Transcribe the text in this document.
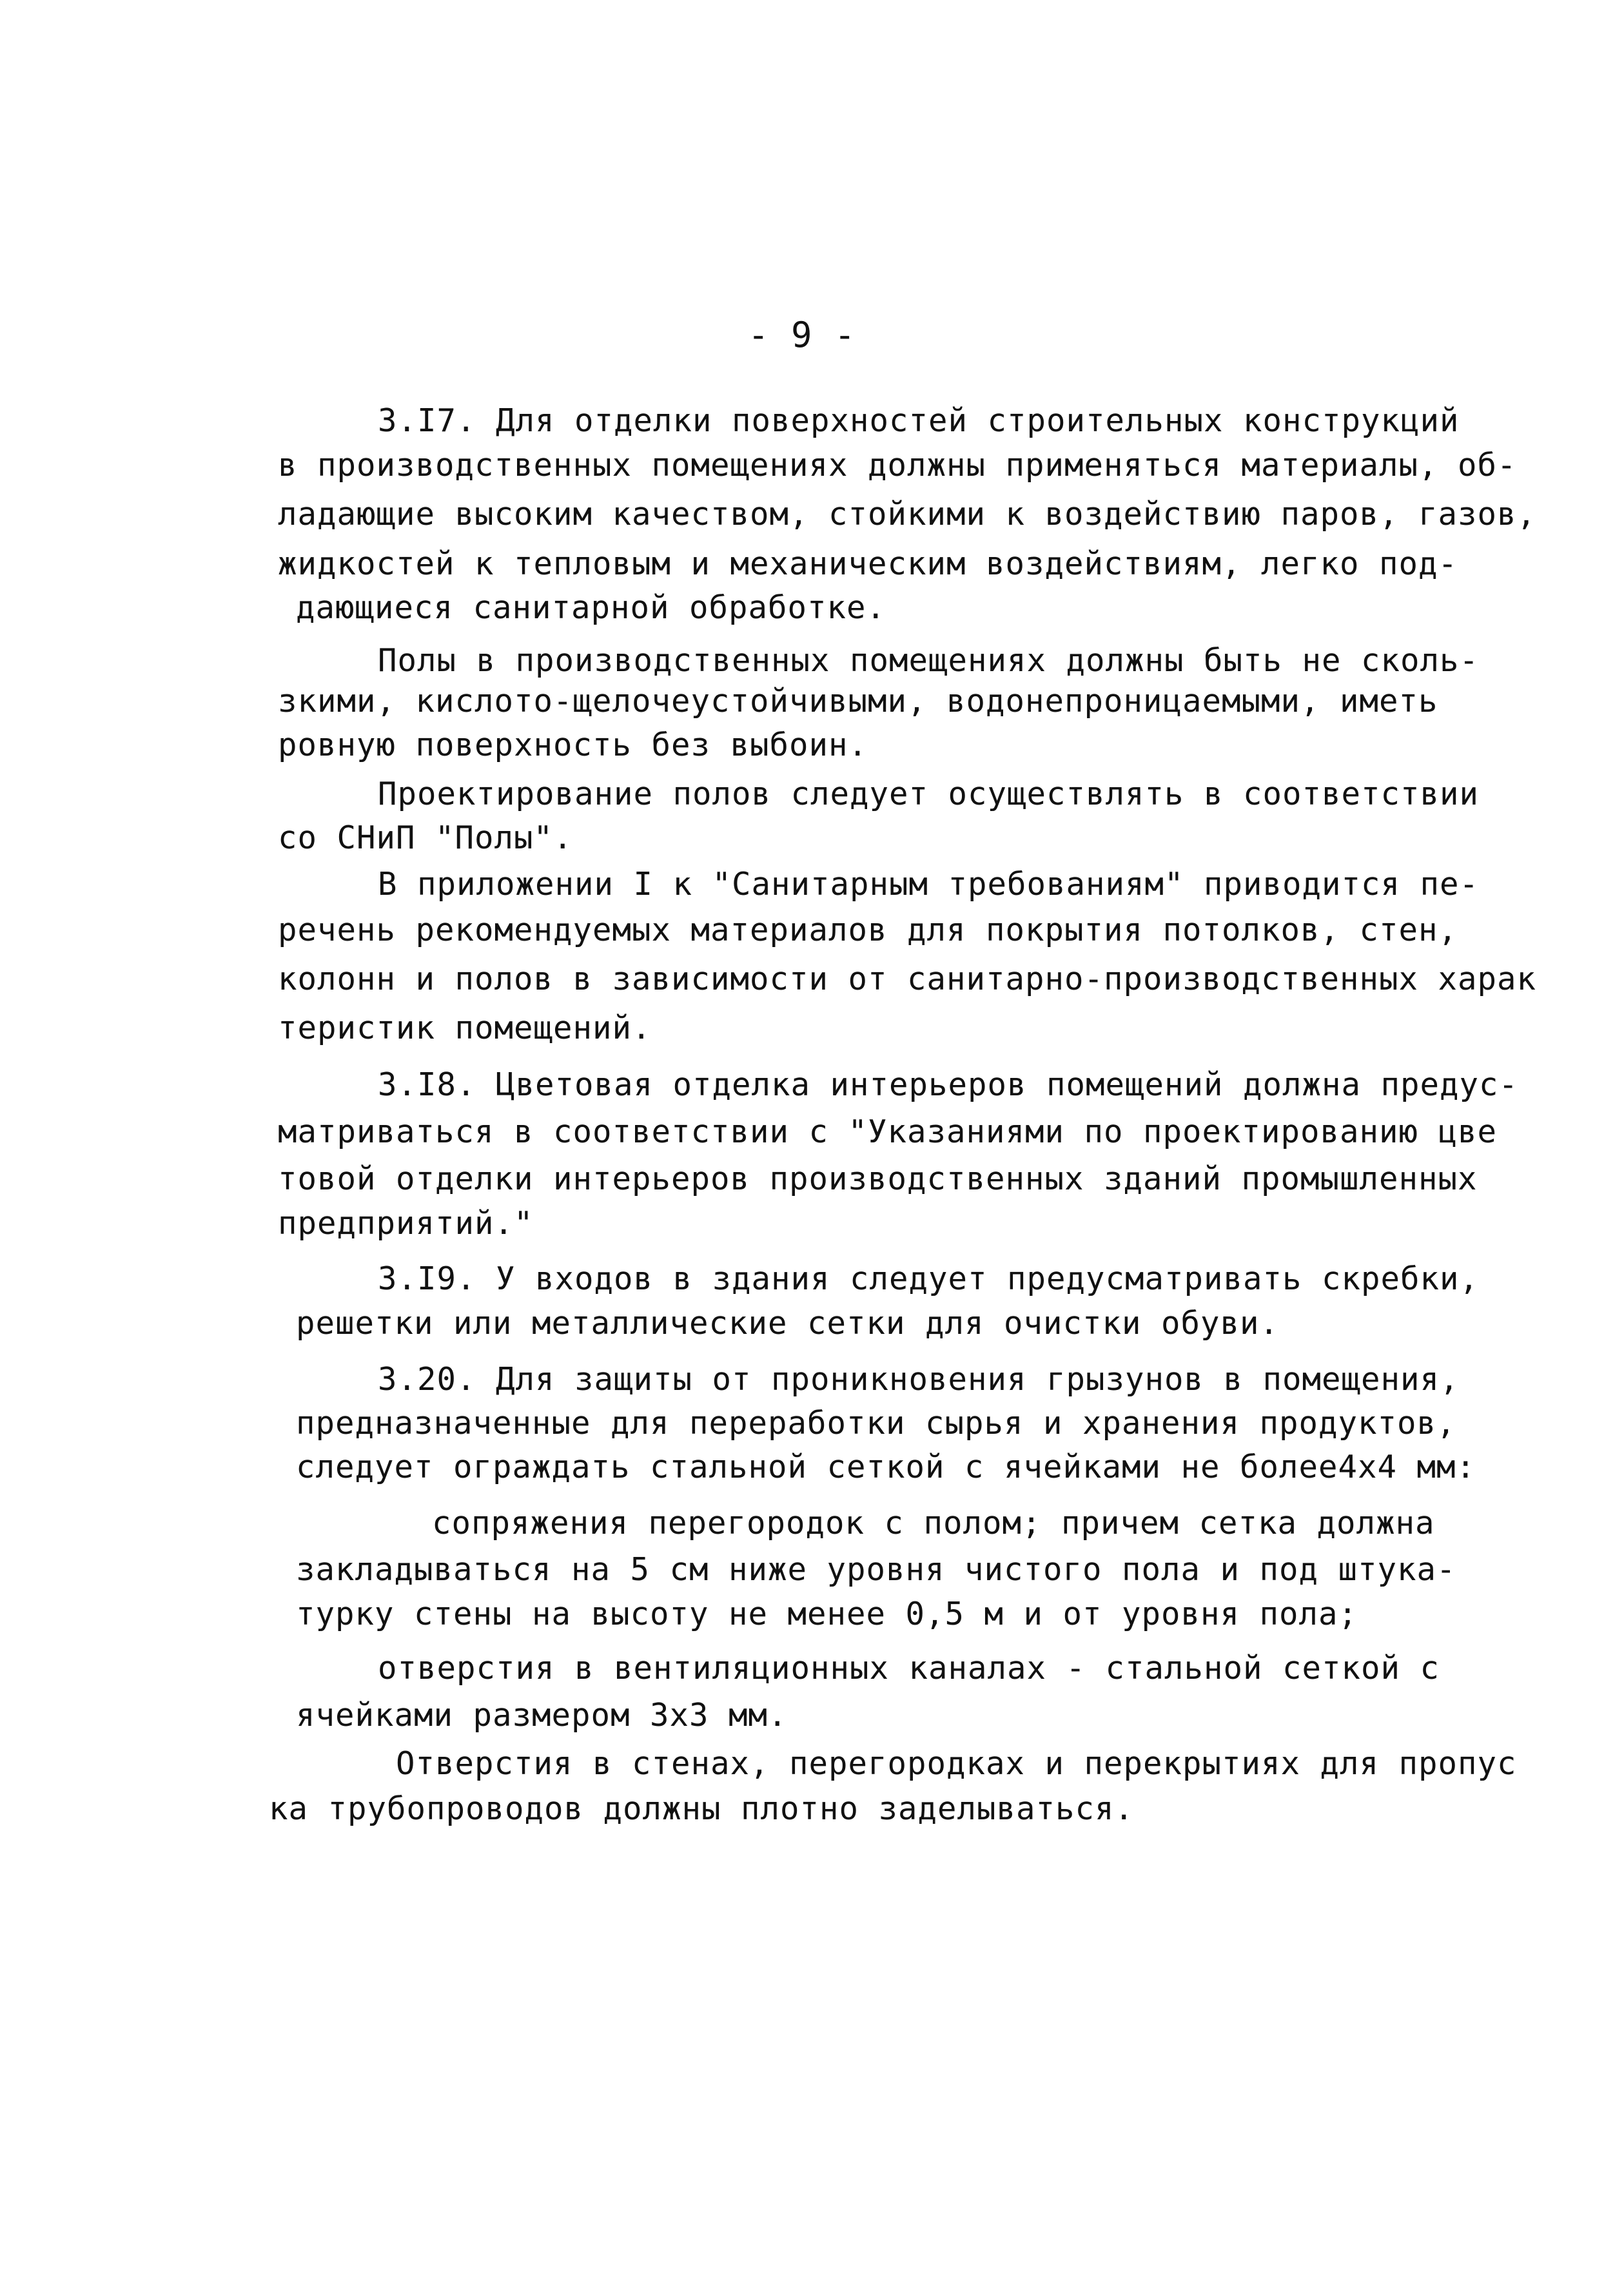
- 9 -
3.I7. Для отделки поверхностей строительных конструкций
в производственных помещениях должны применяться материалы, об-
ладающие высоким качеством, стойкими к воздействию паров, газов,
жидкостей к тепловым и механическим воздействиям, легко под-
дающиеся санитарной обработке.
Полы в производственных помещениях должны быть не сколь-
зкими, кислото-щелочеустойчивыми, водонепроницаемыми, иметь
ровную поверхность без выбоин.
Проектирование полов следует осуществлять в соответствии
со СНиП "Полы".
В приложении I к "Санитарным требованиям" приводится пе-
речень рекомендуемых материалов для покрытия потолков, стен,
колонн и полов в зависимости от санитарно-производственных харак
теристик помещений.
3.I8. Цветовая отделка интерьеров помещений должна предус-
матриваться в соответствии с "Указаниями по проектированию цве
товой отделки интерьеров производственных зданий промышленных
предприятий."
3.I9. У входов в здания следует предусматривать скребки,
решетки или металлические сетки для очистки обуви.
3.20. Для защиты от проникновения грызунов в помещения,
предназначенные для переработки сырья и хранения продуктов,
следует ограждать стальной сеткой с ячейками не более4х4 мм:
сопряжения перегородок с полом; причем сетка должна
закладываться на 5 см ниже уровня чистого пола и под штука-
турку стены на высоту не менее 0,5 м и от уровня пола;
отверстия в вентиляционных каналах - стальной сеткой с
ячейками размером 3х3 мм.
Отверстия в стенах, перегородках и перекрытиях для пропус
ка трубопроводов должны плотно заделываться.
